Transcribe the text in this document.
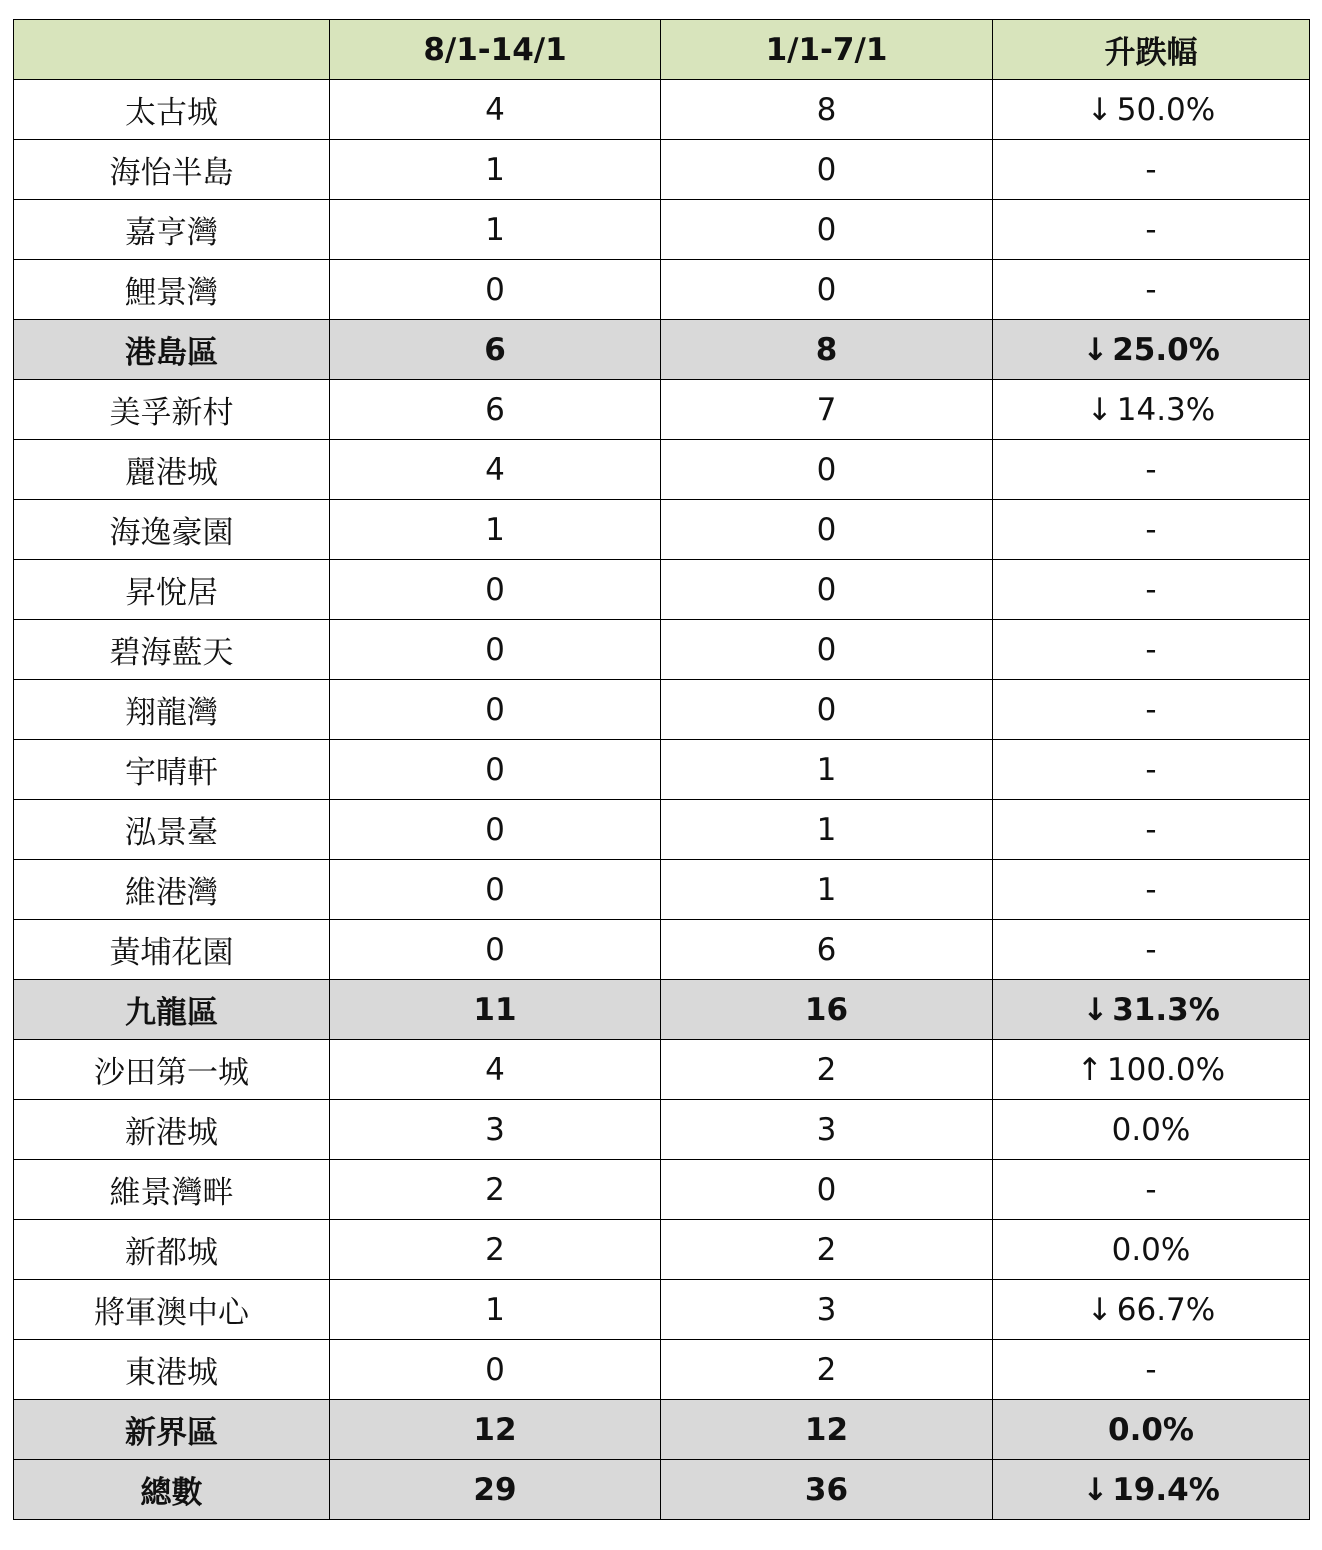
	8/1-14/1	1/1-7/1	升跌幅
太古城	4	8	↓ 50.0%
海怡半島	1	0	-
嘉亨灣	1	0	-
鯉景灣	0	0	-
港島區	6	8	↓ 25.0%
美孚新村	6	7	↓ 14.3%
麗港城	4	0	-
海逸豪園	1	0	-
昇悅居	0	0	-
碧海藍天	0	0	-
翔龍灣	0	0	-
宇晴軒	0	1	-
泓景臺	0	1	-
維港灣	0	1	-
黃埔花園	0	6	-
九龍區	11	16	↓ 31.3%
沙田第一城	4	2	↑ 100.0%
新港城	3	3	0.0%
維景灣畔	2	0	-
新都城	2	2	0.0%
將軍澳中心	1	3	↓ 66.7%
東港城	0	2	-
新界區	12	12	0.0%
總數	29	36	↓ 19.4%
